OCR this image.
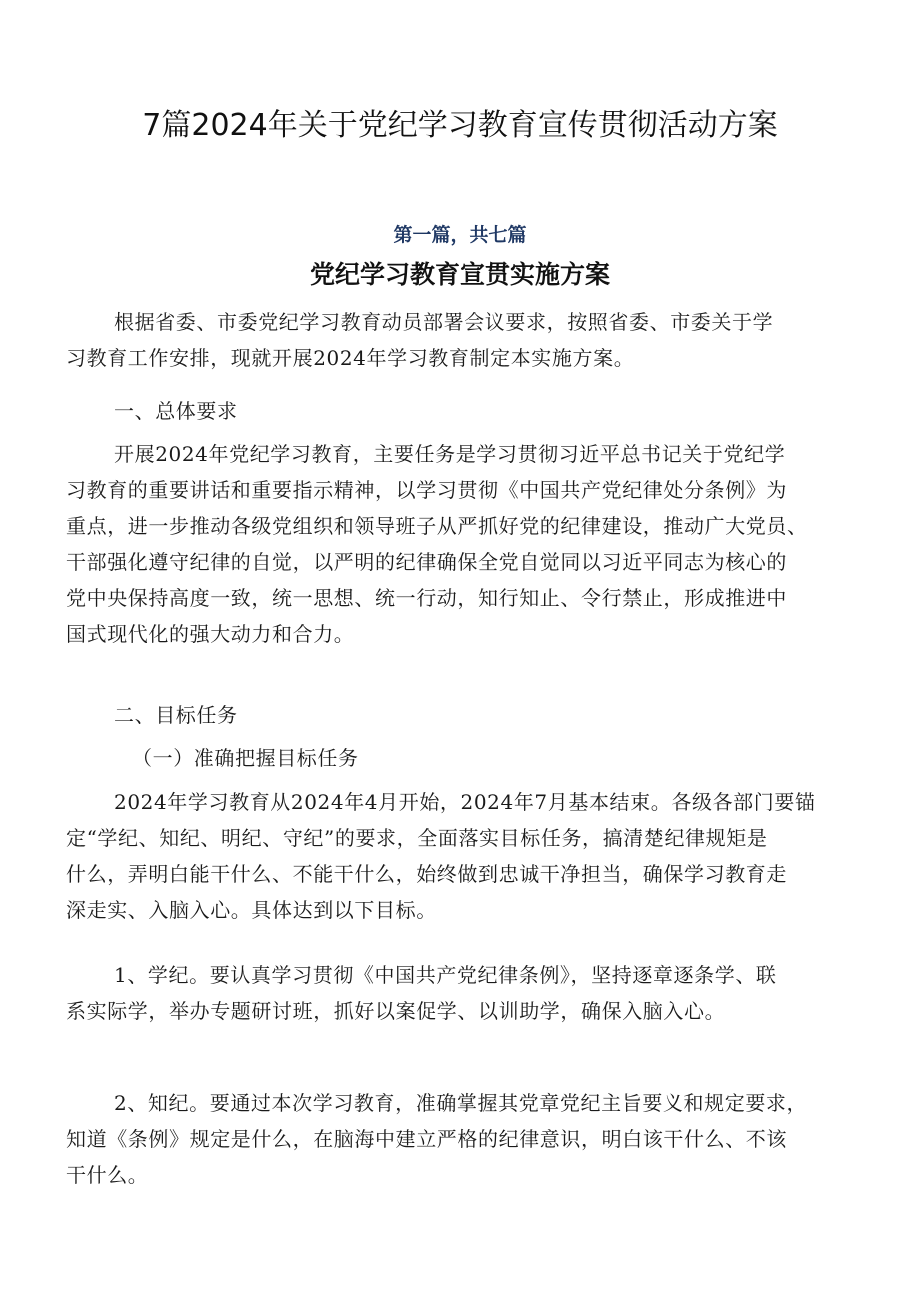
7篇2024年关于党纪学习教育宣传贯彻活动方案
第一篇，共七篇
党纪学习教育宣贯实施方案
根据省委、市委党纪学习教育动员部署会议要求，按照省委、市委关于学
习教育工作安排，现就开展2024年学习教育制定本实施方案。
一、总体要求
开展2024年党纪学习教育，主要任务是学习贯彻习近平总书记关于党纪学
习教育的重要讲话和重要指示精神，以学习贯彻《中国共产党纪律处分条例》为
重点，进一步推动各级党组织和领导班子从严抓好党的纪律建设，推动广大党员、
干部强化遵守纪律的自觉，以严明的纪律确保全党自觉同以习近平同志为核心的
党中央保持高度一致，统一思想、统一行动，知行知止、令行禁止，形成推进中
国式现代化的强大动力和合力。
二、目标任务
（一）准确把握目标任务
2024年学习教育从2024年4月开始，2024年7月基本结束。各级各部门要锚
定“学纪、知纪、明纪、守纪”的要求，全面落实目标任务，搞清楚纪律规矩是
什么，弄明白能干什么、不能干什么，始终做到忠诚干净担当，确保学习教育走
深走实、入脑入心。具体达到以下目标。
1、学纪。要认真学习贯彻《中国共产党纪律条例》，坚持逐章逐条学、联
系实际学，举办专题研讨班，抓好以案促学、以训助学，确保入脑入心。
2、知纪。要通过本次学习教育，准确掌握其党章党纪主旨要义和规定要求，
知道《条例》规定是什么，在脑海中建立严格的纪律意识，明白该干什么、不该
干什么。
